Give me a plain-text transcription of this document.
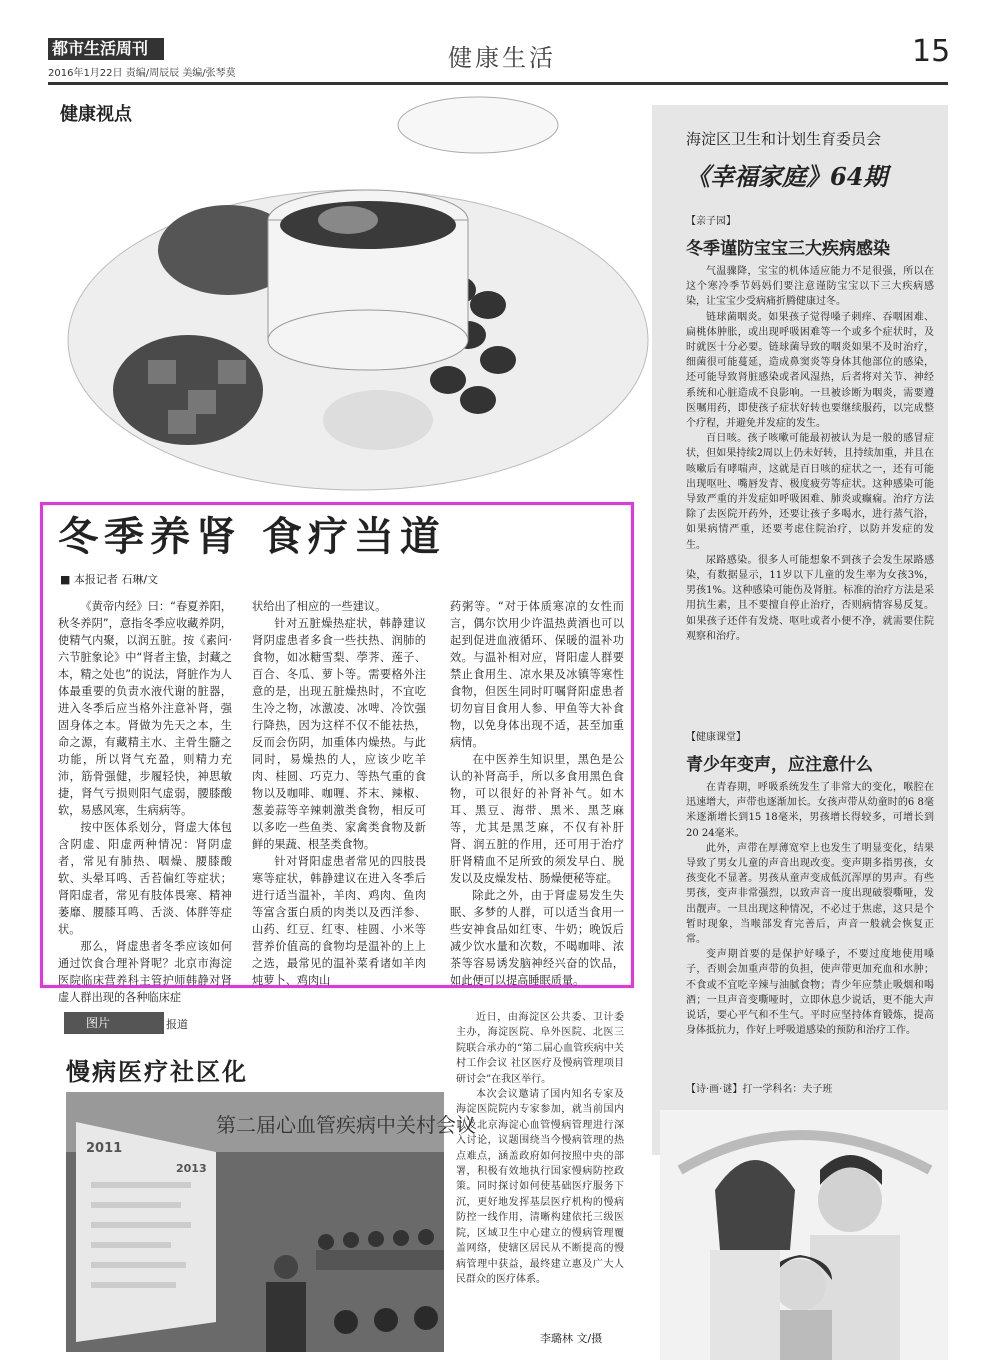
都市生活周刊
2016年1月22日 责编/周辰辰 美编/张琴莫
健康生活	15
健康视点
冬季养肾 食疗当道
■ 本报记者 石琳/文

《黄帝内经》曰：“春夏养阳，秋冬养阴”，意指冬季应收藏养阴，使精气内聚，以润五脏。按《素问·六节脏象论》中“肾者主蛰，封藏之本，精之处也”的说法，肾脏作为人体最重要的负责水液代谢的脏器，进入冬季后应当格外注意补肾，强固身体之本。肾做为先天之本，生命之源，有藏精主水、主骨生髓之功能，所以肾气充盈，则精力充沛，筋骨强健，步履轻快，神思敏捷，肾气亏损则阳气虚弱，腰膝酸软，易感风寒，生病病等。

按中医体系划分，肾虚大体包含阴虚、阳虚两种情况：肾阴虚者，常见有肺热、咽燥、腰膝酸软、头晕耳鸣、舌苔偏红等症状；肾阳虚者，常见有肢体畏寒、精神萎靡、腰膝耳鸣、舌淡、体胖等症状。

那么，肾虚患者冬季应该如何通过饮食合理补肾呢？北京市海淀医院临床营养科主管护师韩静对肾虚人群出现的各种临床症

状给出了相应的一些建议。

针对五脏燥热症状，韩静建议肾阴虚患者多食一些扶热、润肺的食物，如冰糖雪梨、荸荠、莲子、百合、冬瓜、萝卜等。需要格外注意的是，出现五脏燥热时，不宜吃生冷之物，冰激凌、冰啤、冷饮强行降热，因为这样不仅不能祛热，反而会伤阴，加重体内燥热。与此同时，易燥热的人，应该少吃羊肉、桂圆、巧克力、等热气重的食物以及咖啡、咖喱、芥末、辣椒、葱姜蒜等辛辣刺激类食物，相反可以多吃一些鱼类、家禽类食物及新鲜的果蔬、根茎类食物。

针对肾阳虚患者常见的四肢畏寒等症状，韩静建议在进入冬季后进行适当温补，羊肉、鸡肉、鱼肉等富含蛋白质的肉类以及西洋参、山药、红豆、红枣、桂圆、小米等营养价值高的食物均是温补的上上之选，最常见的温补菜肴诸如羊肉炖萝卜、鸡肉山

药粥等。“对于体质寒凉的女性而言，偶尔饮用少许温热黄酒也可以起到促进血液循环、保暖的温补功效。与温补相对应，肾阳虚人群要禁止食用生、凉水果及冰镇等寒性食物，但医生同时叮嘱肾阳虚患者切勿盲目食用人参、甲鱼等大补食物，以免身体出现不适，甚至加重病情。

在中医养生知识里，黑色是公认的补肾高手，所以多食用黑色食物，可以很好的补肾补气。如木耳、黑豆、海带、黑米、黑芝麻等，尤其是黑芝麻，不仅有补肝肾、润五脏的作用，还可用于治疗肝肾精血不足所致的须发早白、脱发以及皮燥发枯、肠燥便秘等症。

除此之外，由于肾虚易发生失眠、多梦的人群，可以适当食用一些安神食品如红枣、牛奶；晚饭后减少饮水量和次数，不喝咖啡、浓茶等容易诱发脑神经兴奋的饮品，如此便可以提高睡眠质量。

海淀区卫生和计划生育委员会
《幸福家庭》64期
【亲子园】
冬季谨防宝宝三大疾病感染

气温骤降，宝宝的机体适应能力不足很强，所以在这个寒冷季节妈妈们要注意谨防宝宝以下三大疾病感染，让宝宝少受病痛折腾健康过冬。

链球菌咽炎。如果孩子觉得嗓子刺痒、吞咽困难、扁桃体肿胀，或出现呼吸困难等一个或多个症状时，及时就医十分必要。链球菌导致的咽炎如果不及时治疗，细菌很可能蔓延，造成鼻窦炎等身体其他部位的感染，还可能导致肾脏感染或者风湿热，后者将对关节、神经系统和心脏造成不良影响。一旦被诊断为咽炎，需要遵医嘱用药，即使孩子症状好转也要继续服药，以完成整个疗程，并避免并发症的发生。

百日咳。孩子咳嗽可能最初被认为是一般的感冒症状，但如果持续2周以上仍未好转，且持续加重，并且在咳嗽后有哮喘声，这就是百日咳的症状之一，还有可能出现呕吐、嘴唇发青、极度疲劳等症状。这种感染可能导致严重的并发症如呼吸困难、肺炎或癫痫。治疗方法除了去医院开药外，还要让孩子多喝水，进行蒸气浴，如果病情严重，还要考虑住院治疗，以防并发症的发生。

尿路感染。很多人可能想象不到孩子会发生尿路感染，有数据显示，11岁以下儿童的发生率为女孩3%，男孩1%。这种感染可能伤及肾脏。标准的治疗方法是采用抗生素，且不要擅自停止治疗，否则病情容易反复。如果孩子还伴有发烧、呕吐或者小便不净，就需要住院观察和治疗。

【健康课堂】
青少年变声，应注意什么

在青春期，呼吸系统发生了非常大的变化，喉腔在迅速增大，声带也逐渐加长。女孩声带从幼童时的6 8毫米逐渐增长到15 18毫米，男孩增长得较多，可增长到20 24毫米。

此外，声带在厚薄宽窄上也发生了明显变化，结果导致了男女儿童的声音出现改变。变声期多指男孩，女孩变化不显著。男孩从童声变成低沉浑厚的男声。有些男孩，变声非常强烈，以致声音一度出现破裂嘶哑，发出靓声。一旦出现这种情况，不必过于焦虑，这只是个暂时现象，当喉部发育完善后，声音一般就会恢复正常。

变声期首要的是保护好嗓子，不要过度地使用嗓子，否则会加重声带的负担，使声带更加充血和水肿；不食或不宜吃辛辣与油腻食物；青少年应禁止吸烟和喝酒；一旦声音变嘶哑时，立即休息少说话，更不能大声说话，要心平气和不生气。平时应坚持体育锻炼，提高身体抵抗力，作好上呼吸道感染的预防和治疗工作。

【诗·画·谜】打一学科名：夫子班
图片	报道
慢病医疗社区化
第二届心血管疾病中关村会议
2011
2013

近日，由海淀区公共委、卫计委主办，海淀医院、阜外医院、北医三院联合承办的“第二届心血管疾病中关村工作会议 社区医疗及慢病管理项目研讨会”在我区举行。

本次会议邀请了国内知名专家及海淀医院院内专家参加，就当前国内以及北京海淀心血管慢病管理进行深入讨论，议题围绕当今慢病管理的热点难点，涵盖政府如何按照中央的部署，积极有效地执行国家慢病防控政策。同时探讨如何使基础医疗服务下沉，更好地发挥基层医疗机构的慢病防控一线作用，清晰构建依托三级医院，区域卫生中心建立的慢病管理覆盖网络，使辖区居民从不断提高的慢病管理中获益，最终建立惠及广大人民群众的医疗体系。

李璐林 文/摄
